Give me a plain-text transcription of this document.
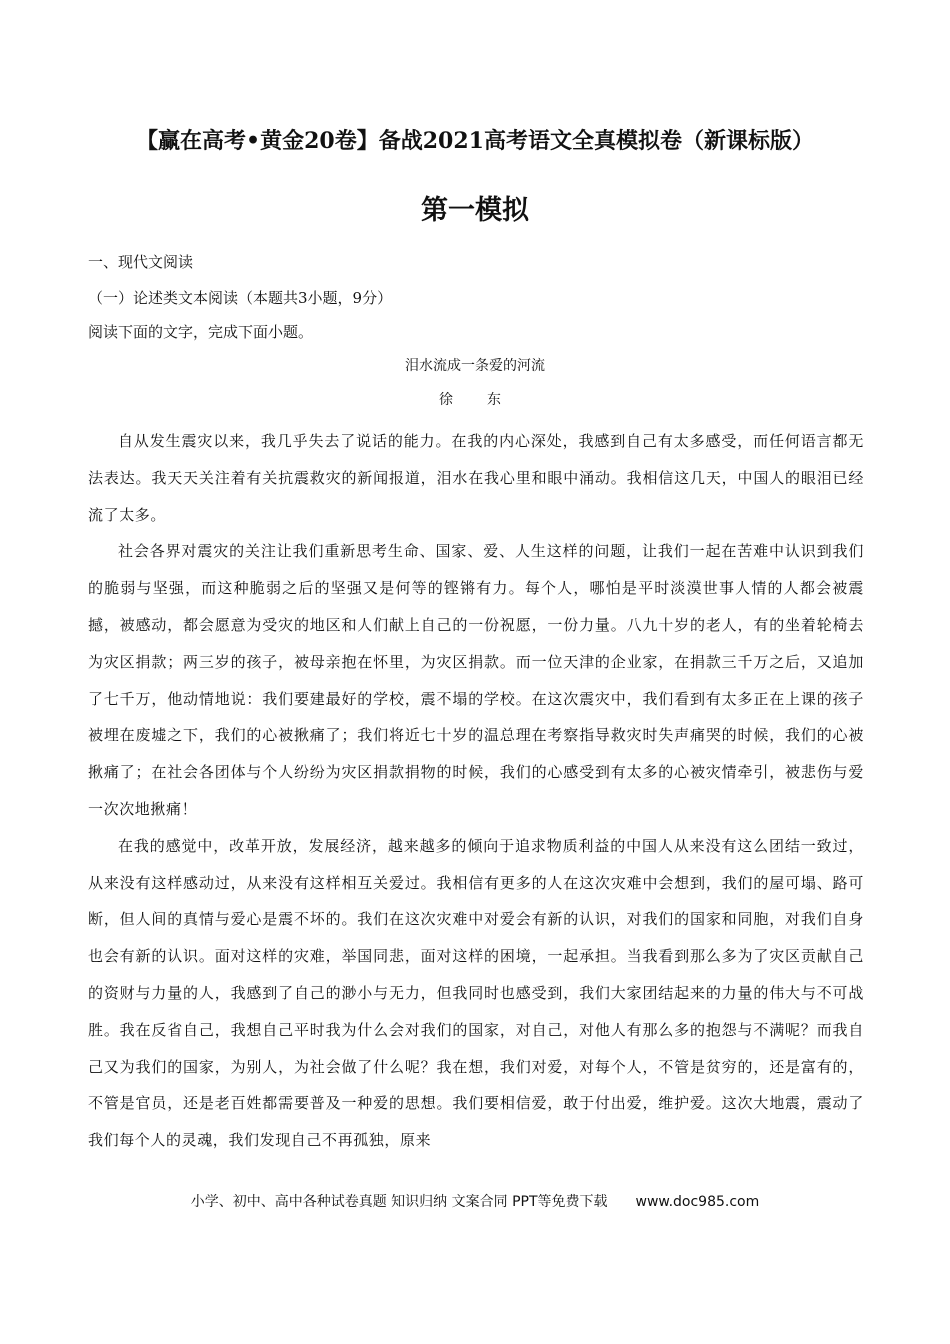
【赢在高考•黄金20卷】备战2021高考语文全真模拟卷（新课标版）
第一模拟
一、现代文阅读
（一）论述类文本阅读（本题共3小题，9分）
阅读下面的文字，完成下面小题。
泪水流成一条爱的河流
徐　东

自从发生震灾以来，我几乎失去了说话的能力。在我的内心深处，我感到自己有太多感受，而任何语言都无法表达。我天天关注着有关抗震救灾的新闻报道，泪水在我心里和眼中涌动。我相信这几天，中国人的眼泪已经流了太多。

社会各界对震灾的关注让我们重新思考生命、国家、爱、人生这样的问题，让我们一起在苦难中认识到我们的脆弱与坚强，而这种脆弱之后的坚强又是何等的铿锵有力。每个人，哪怕是平时淡漠世事人情的人都会被震撼，被感动，都会愿意为受灾的地区和人们献上自己的一份祝愿，一份力量。八九十岁的老人，有的坐着轮椅去为灾区捐款；两三岁的孩子，被母亲抱在怀里，为灾区捐款。而一位天津的企业家，在捐款三千万之后，又追加了七千万，他动情地说：我们要建最好的学校，震不塌的学校。在这次震灾中，我们看到有太多正在上课的孩子被埋在废墟之下，我们的心被揪痛了；我们将近七十岁的温总理在考察指导救灾时失声痛哭的时候，我们的心被揪痛了；在社会各团体与个人纷纷为灾区捐款捐物的时候，我们的心感受到有太多的心被灾情牵引，被悲伤与爱一次次地揪痛！

在我的感觉中，改革开放，发展经济，越来越多的倾向于追求物质利益的中国人从来没有这么团结一致过，从来没有这样感动过，从来没有这样相互关爱过。我相信有更多的人在这次灾难中会想到，我们的屋可塌、路可断，但人间的真情与爱心是震不坏的。我们在这次灾难中对爱会有新的认识，对我们的国家和同胞，对我们自身也会有新的认识。面对这样的灾难，举国同悲，面对这样的困境，一起承担。当我看到那么多为了灾区贡献自己的资财与力量的人，我感到了自己的渺小与无力，但我同时也感受到，我们大家团结起来的力量的伟大与不可战胜。我在反省自己，我想自己平时我为什么会对我们的国家，对自己，对他人有那么多的抱怨与不满呢？而我自己又为我们的国家，为别人，为社会做了什么呢？我在想，我们对爱，对每个人，不管是贫穷的，还是富有的，不管是官员，还是老百姓都需要普及一种爱的思想。我们要相信爱，敢于付出爱，维护爱。这次大地震，震动了我们每个人的灵魂，我们发现自己不再孤独，原来

小学、初中、高中各种试卷真题 知识归纳 文案合同 PPT等免费下载 www.doc985.com
